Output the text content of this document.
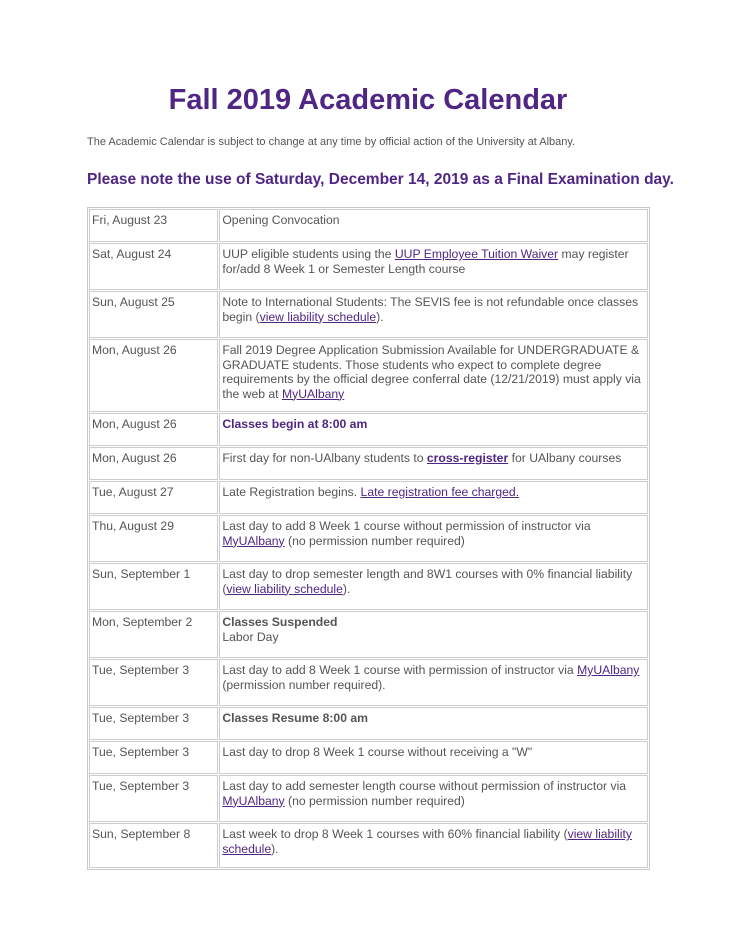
Fall 2019 Academic Calendar

The Academic Calendar is subject to change at any time by official action of the University at Albany.

Please note the use of Saturday, December 14, 2019 as a Final Examination day.

Fri, August 23	Opening Convocation
Sat, August 24	UUP eligible students using the UUP Employee Tuition Waiver may register for/add 8 Week 1 or Semester Length course
Sun, August 25	Note to International Students: The SEVIS fee is not refundable once classes begin (view liability schedule).
Mon, August 26	Fall 2019 Degree Application Submission Available for UNDERGRADUATE & GRADUATE students. Those students who expect to complete degree requirements by the official degree conferral date (12/21/2019) must apply via the web at MyUAlbany
Mon, August 26	Classes begin at 8:00 am
Mon, August 26	First day for non-UAlbany students to cross-register for UAlbany courses
Tue, August 27	Late Registration begins. Late registration fee charged.
Thu, August 29	Last day to add 8 Week 1 course without permission of instructor via MyUAlbany (no permission number required)
Sun, September 1	Last day to drop semester length and 8W1 courses with 0% financial liability (view liability schedule).
Mon, September 2	Classes Suspended
Labor Day
Tue, September 3	Last day to add 8 Week 1 course with permission of instructor via MyUAlbany (permission number required).
Tue, September 3	Classes Resume 8:00 am
Tue, September 3	Last day to drop 8 Week 1 course without receiving a "W"
Tue, September 3	Last day to add semester length course without permission of instructor via MyUAlbany (no permission number required)
Sun, September 8	Last week to drop 8 Week 1 courses with 60% financial liability (view liability schedule).
